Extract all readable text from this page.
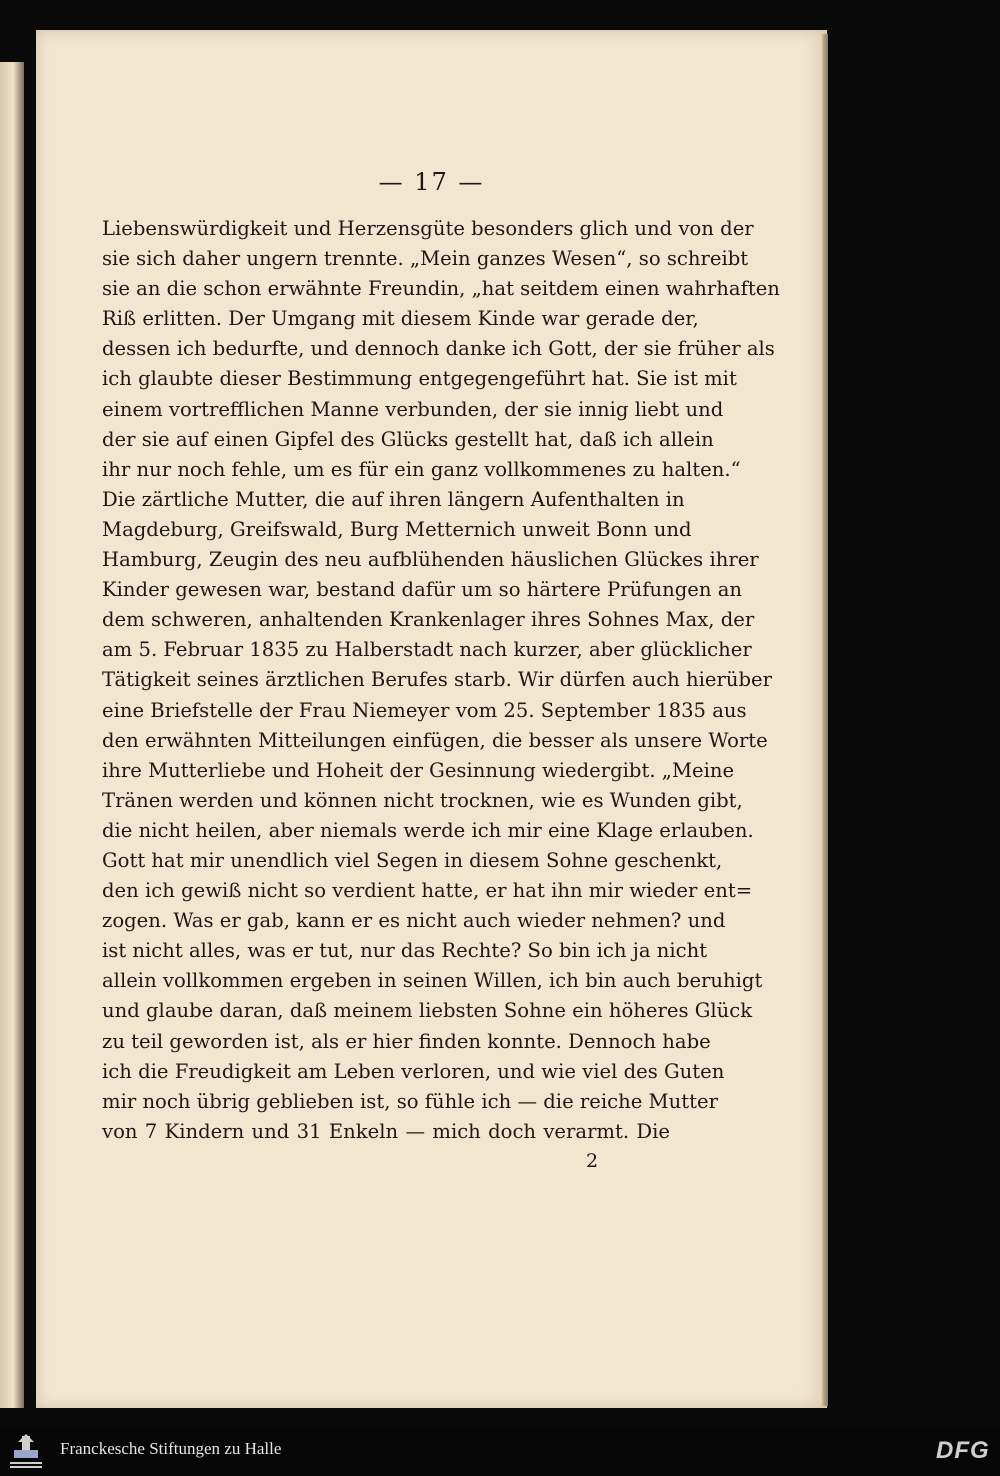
— 17 —
Liebenswürdigkeit und Herzensgüte besonders glich und von der
sie sich daher ungern trennte. „Mein ganzes Wesen“, so schreibt
sie an die schon erwähnte Freundin, „hat seitdem einen wahrhaften
Riß erlitten. Der Umgang mit diesem Kinde war gerade der,
dessen ich bedurfte, und dennoch danke ich Gott, der sie früher als
ich glaubte dieser Bestimmung entgegengeführt hat. Sie ist mit
einem vortrefflichen Manne verbunden, der sie innig liebt und
der sie auf einen Gipfel des Glücks gestellt hat, daß ich allein
ihr nur noch fehle, um es für ein ganz vollkommenes zu halten.“
Die zärtliche Mutter, die auf ihren längern Aufenthalten in
Magdeburg, Greifswald, Burg Metternich unweit Bonn und
Hamburg, Zeugin des neu aufblühenden häuslichen Glückes ihrer
Kinder gewesen war, bestand dafür um so härtere Prüfungen an
dem schweren, anhaltenden Krankenlager ihres Sohnes Max, der
am 5. Februar 1835 zu Halberstadt nach kurzer, aber glücklicher
Tätigkeit seines ärztlichen Berufes starb. Wir dürfen auch hierüber
eine Briefstelle der Frau Niemeyer vom 25. September 1835 aus
den erwähnten Mitteilungen einfügen, die besser als unsere Worte
ihre Mutterliebe und Hoheit der Gesinnung wiedergibt. „Meine
Tränen werden und können nicht trocknen, wie es Wunden gibt,
die nicht heilen, aber niemals werde ich mir eine Klage erlauben.
Gott hat mir unendlich viel Segen in diesem Sohne geschenkt,
den ich gewiß nicht so verdient hatte, er hat ihn mir wieder ent=
zogen. Was er gab, kann er es nicht auch wieder nehmen? und
ist nicht alles, was er tut, nur das Rechte? So bin ich ja nicht
allein vollkommen ergeben in seinen Willen, ich bin auch beruhigt
und glaube daran, daß meinem liebsten Sohne ein höheres Glück
zu teil geworden ist, als er hier finden konnte. Dennoch habe
ich die Freudigkeit am Leben verloren, und wie viel des Guten
mir noch übrig geblieben ist, so fühle ich — die reiche Mutter
von 7 Kindern und 31 Enkeln — mich doch verarmt. Die
2
Franckesche Stiftungen zu Halle	DFG
